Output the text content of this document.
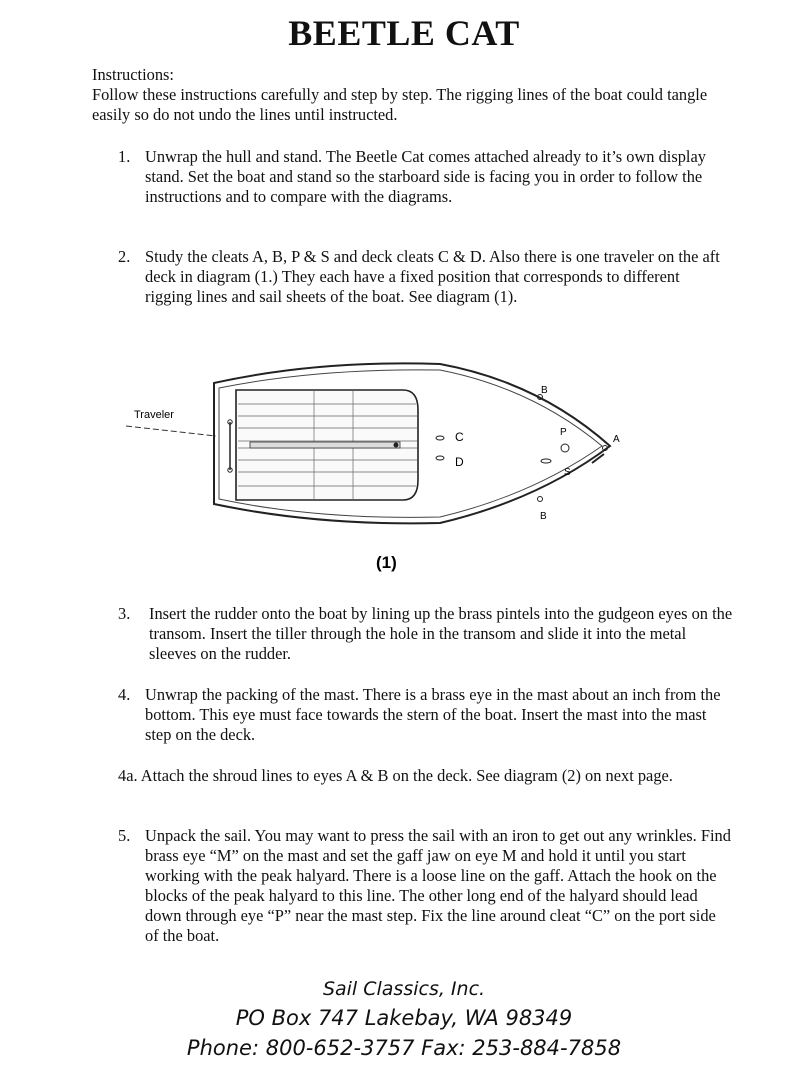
BEETLE CAT

Instructions:

Follow these instructions carefully and step by step. The rigging lines of the boat could tangle easily so do not undo the lines until instructed.

1. Unwrap the hull and stand. The Beetle Cat comes attached already to it’s own display stand. Set the boat and stand so the starboard side is facing you in order to follow the instructions and to compare with the diagrams.
2. Study the cleats A, B, P & S and deck cleats C & D. Also there is one traveler on the aft deck in diagram (1.) They each have a fixed position that corresponds to different rigging lines and sail sheets of the boat. See diagram (1).
Traveler
C
D
P
S
B
B
A
(1)
3. Insert the rudder onto the boat by lining up the brass pintels into the gudgeon eyes on the transom. Insert the tiller through the hole in the transom and slide it into the metal sleeves on the rudder.
4. Unwrap the packing of the mast. There is a brass eye in the mast about an inch from the bottom. This eye must face towards the stern of the boat. Insert the mast into the mast step on the deck.
4a. Attach the shroud lines to eyes A & B on the deck. See diagram (2) on next page.
5. Unpack the sail. You may want to press the sail with an iron to get out any wrinkles. Find brass eye “M” on the mast and set the gaff jaw on eye M and hold it until you start working with the peak halyard. There is a loose line on the gaff. Attach the hook on the blocks of the peak halyard to this line. The other long end of the halyard should lead down through eye “P” near the mast step. Fix the line around cleat “C” on the port side of the boat.
Sail Classics, Inc.
PO Box 747 Lakebay, WA 98349
Phone: 800-652-3757 Fax: 253-884-7858
